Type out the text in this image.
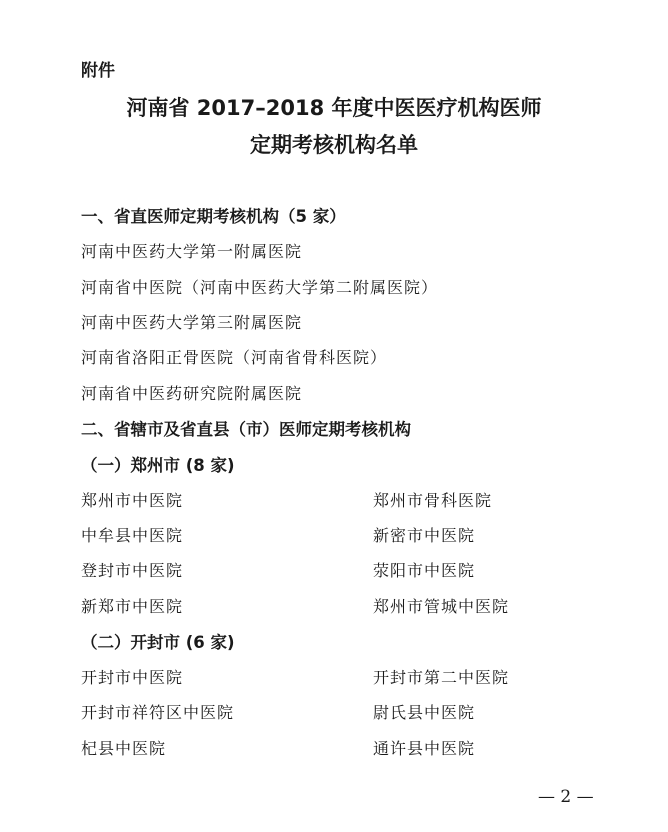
附件
河南省 2017–2018 年度中医医疗机构医师
定期考核机构名单
一、省直医师定期考核机构（5 家）
河南中医药大学第一附属医院
河南省中医院（河南中医药大学第二附属医院）
河南中医药大学第三附属医院
河南省洛阳正骨医院（河南省骨科医院）
河南省中医药研究院附属医院
二、省辖市及省直县（市）医师定期考核机构
（一）郑州市 (8 家)
郑州市中医院	郑州市骨科医院
中牟县中医院	新密市中医院
登封市中医院	荥阳市中医院
新郑市中医院	郑州市管城中医院
（二）开封市 (6 家)
开封市中医院	开封市第二中医院
开封市祥符区中医院	尉氏县中医院
杞县中医院	通许县中医院
— 2 —
